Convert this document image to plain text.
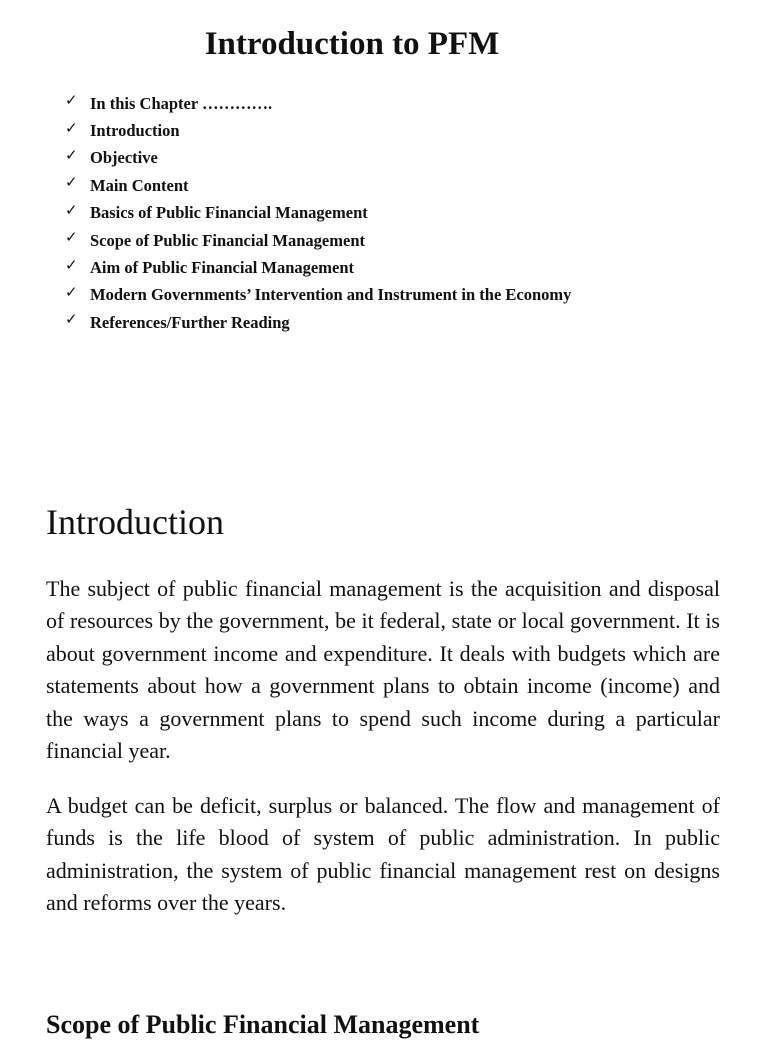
Introduction to PFM
✓ In this Chapter ………….
✓ Introduction
✓ Objective
✓ Main Content
✓ Basics of Public Financial Management
✓ Scope of Public Financial Management
✓ Aim of Public Financial Management
✓ Modern Governments’ Intervention and Instrument in the Economy
✓ References/Further Reading
Introduction

The subject of public financial management is the acquisition and disposal of resources by the government, be it federal, state or local government. It is about government income and expenditure. It deals with budgets which are statements about how a government plans to obtain income (income) and the ways a government plans to spend such income during a particular financial year.

A budget can be deficit, surplus or balanced. The flow and management of funds is the life blood of system of public administration. In public administration, the system of public financial management rest on designs and reforms over the years.

Scope of Public Financial Management
